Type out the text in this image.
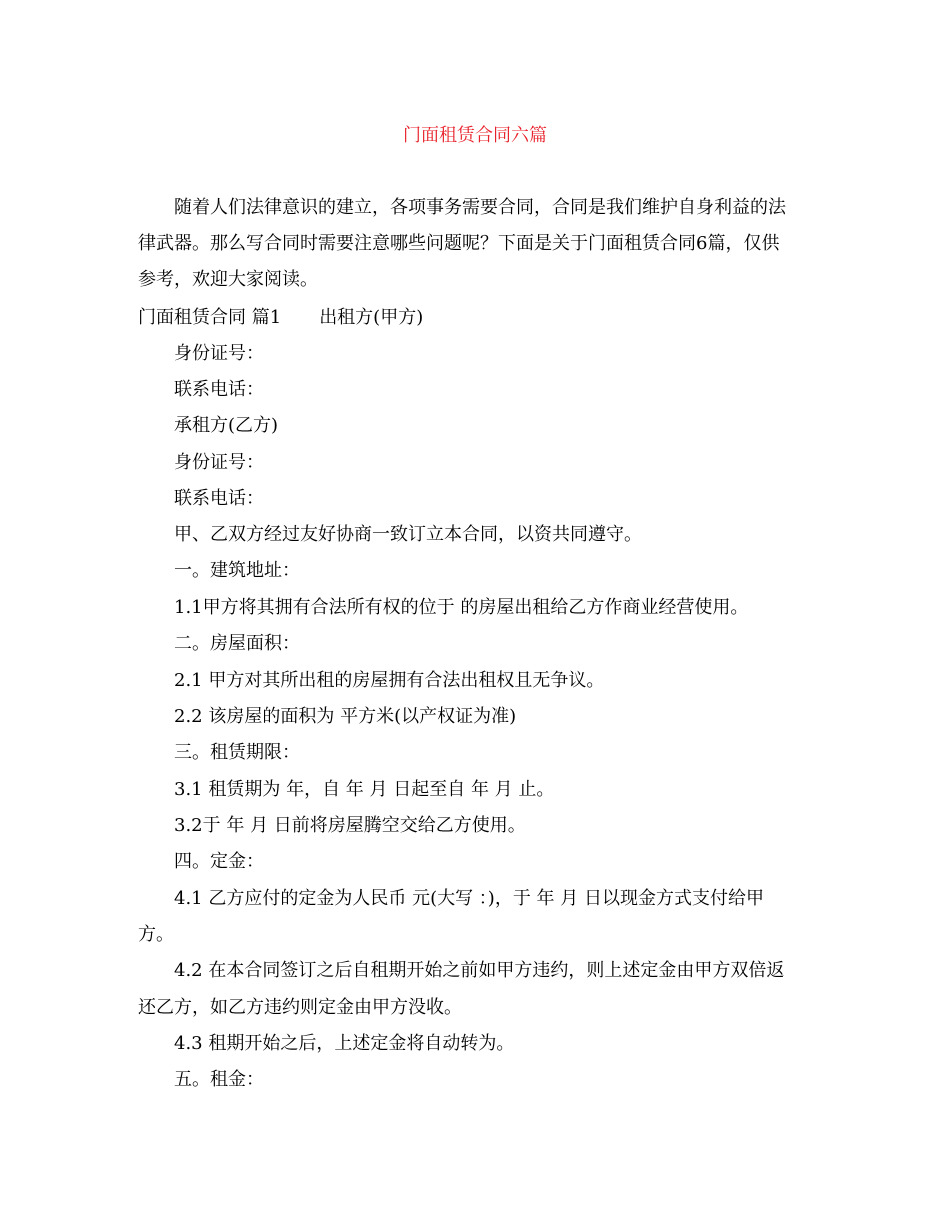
门面租赁合同六篇
随着人们法律意识的建立，各项事务需要合同，合同是我们维护自身利益的法
律武器。那么写合同时需要注意哪些问题呢？下面是关于门面租赁合同6篇，仅供
参考，欢迎大家阅读。
门面租赁合同 篇1 出租方(甲方)
身份证号：
联系电话：
承租方(乙方)
身份证号：
联系电话：
甲、乙双方经过友好协商一致订立本合同，以资共同遵守。
一。建筑地址：
1.1甲方将其拥有合法所有权的位于 的房屋出租给乙方作商业经营使用。
二。房屋面积：
2.1 甲方对其所出租的房屋拥有合法出租权且无争议。
2.2 该房屋的面积为 平方米(以产权证为准)
三。租赁期限：
3.1 租赁期为 年，自 年 月 日起至自 年 月 止。
3.2于 年 月 日前将房屋腾空交给乙方使用。
四。定金：
4.1 乙方应付的定金为人民币 元(大写 ：)，于 年 月 日以现金方式支付给甲
方。
4.2 在本合同签订之后自租期开始之前如甲方违约，则上述定金由甲方双倍返
还乙方，如乙方违约则定金由甲方没收。
4.3 租期开始之后，上述定金将自动转为。
五。租金：
